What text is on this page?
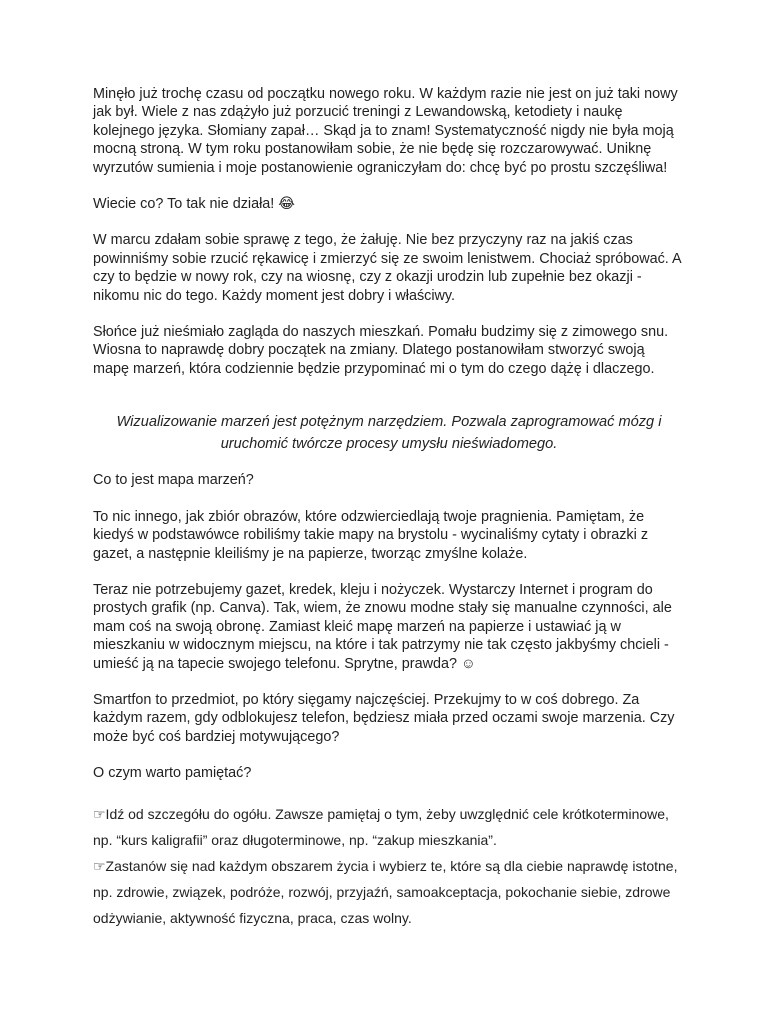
Minęło już trochę czasu od początku nowego roku. W każdym razie nie jest on już taki nowy jak był. Wiele z nas zdążyło już porzucić treningi z Lewandowską, ketodiety i naukę kolejnego języka. Słomiany zapał… Skąd ja to znam! Systematyczność nigdy nie była moją mocną stroną. W tym roku postanowiłam sobie, że nie będę się rozczarowywać. Uniknę wyrzutów sumienia i moje postanowienie ograniczyłam do: chcę być po prostu szczęśliwa!

Wiecie co? To tak nie działa! 😂

W marcu zdałam sobie sprawę z tego, że żałuję. Nie bez przyczyny raz na jakiś czas powinniśmy sobie rzucić rękawicę i zmierzyć się ze swoim lenistwem. Chociaż spróbować. A czy to będzie w nowy rok, czy na wiosnę, czy z okazji urodzin lub zupełnie bez okazji - nikomu nic do tego. Każdy moment jest dobry i właściwy.

Słońce już nieśmiało zagląda do naszych mieszkań. Pomału budzimy się z zimowego snu. Wiosna to naprawdę dobry początek na zmiany. Dlatego postanowiłam stworzyć swoją mapę marzeń, która codziennie będzie przypominać mi o tym do czego dążę i dlaczego.

Wizualizowanie marzeń jest potężnym narzędziem. Pozwala zaprogramować mózg i uruchomić twórcze procesy umysłu nieświadomego.

Co to jest mapa marzeń?

To nic innego, jak zbiór obrazów, które odzwierciedlają twoje pragnienia. Pamiętam, że kiedyś w podstawówce robiliśmy takie mapy na brystolu - wycinaliśmy cytaty i obrazki z gazet, a następnie kleiliśmy je na papierze, tworząc zmyślne kolaże.

Teraz nie potrzebujemy gazet, kredek, kleju i nożyczek. Wystarczy Internet i program do prostych grafik (np. Canva). Tak, wiem, że znowu modne stały się manualne czynności, ale mam coś na swoją obronę. Zamiast kleić mapę marzeń na papierze i ustawiać ją w mieszkaniu w widocznym miejscu, na które i tak patrzymy nie tak często jakbyśmy chcieli - umieść ją na tapecie swojego telefonu. Sprytne, prawda? ☺

Smartfon to przedmiot, po który sięgamy najczęściej. Przekujmy to w coś dobrego. Za każdym razem, gdy odblokujesz telefon, będziesz miała przed oczami swoje marzenia. Czy może być coś bardziej motywującego?

O czym warto pamiętać?

☞Idź od szczegółu do ogółu. Zawsze pamiętaj o tym, żeby uwzględnić cele krótkoterminowe, np. “kurs kaligrafii” oraz długoterminowe, np. “zakup mieszkania”.

☞Zastanów się nad każdym obszarem życia i wybierz te, które są dla ciebie naprawdę istotne, np. zdrowie, związek, podróże, rozwój, przyjaźń, samoakceptacja, pokochanie siebie, zdrowe odżywianie, aktywność fizyczna, praca, czas wolny.
